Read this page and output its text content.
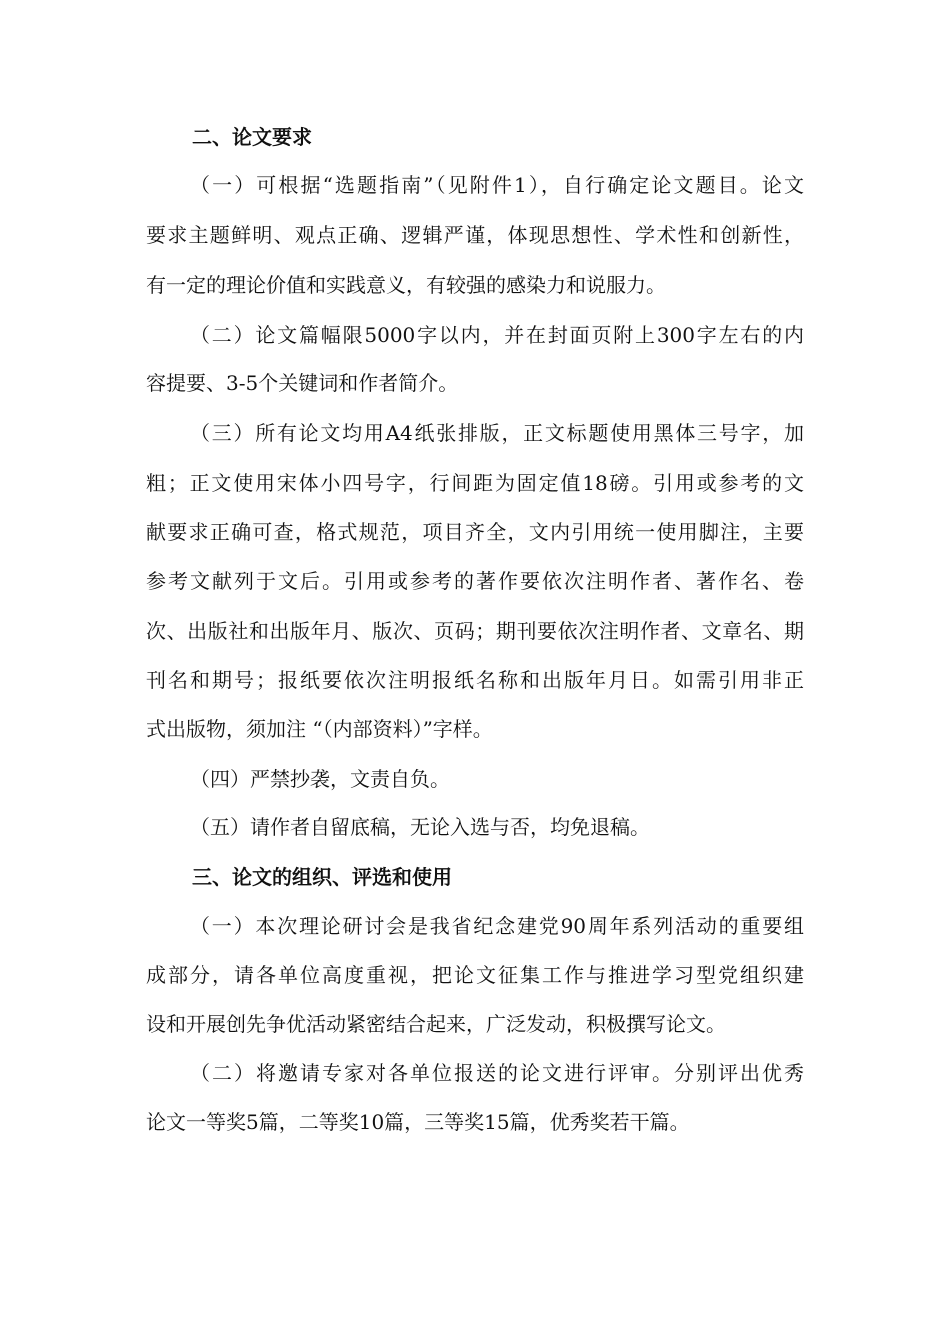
二、论文要求
（一）可根据“选题指南”（见附件1），自行确定论文题目。论文
要求主题鲜明、观点正确、逻辑严谨，体现思想性、学术性和创新性，
有一定的理论价值和实践意义，有较强的感染力和说服力。
（二）论文篇幅限5000字以内，并在封面页附上300字左右的内
容提要、3-5个关键词和作者简介。
（三）所有论文均用A4纸张排版，正文标题使用黑体三号字，加
粗；正文使用宋体小四号字，行间距为固定值18磅。引用或参考的文
献要求正确可查，格式规范，项目齐全，文内引用统一使用脚注，主要
参考文献列于文后。引用或参考的著作要依次注明作者、著作名、卷
次、出版社和出版年月、版次、页码；期刊要依次注明作者、文章名、期
刊名和期号；报纸要依次注明报纸名称和出版年月日。如需引用非正
式出版物，须加注 “（内部资料）”字样。
（四）严禁抄袭，文责自负。
（五）请作者自留底稿，无论入选与否，均免退稿。
三、论文的组织、评选和使用
（一）本次理论研讨会是我省纪念建党90周年系列活动的重要组
成部分，请各单位高度重视，把论文征集工作与推进学习型党组织建
设和开展创先争优活动紧密结合起来，广泛发动，积极撰写论文。
（二）将邀请专家对各单位报送的论文进行评审。分别评出优秀
论文一等奖5篇，二等奖10篇，三等奖15篇，优秀奖若干篇。
